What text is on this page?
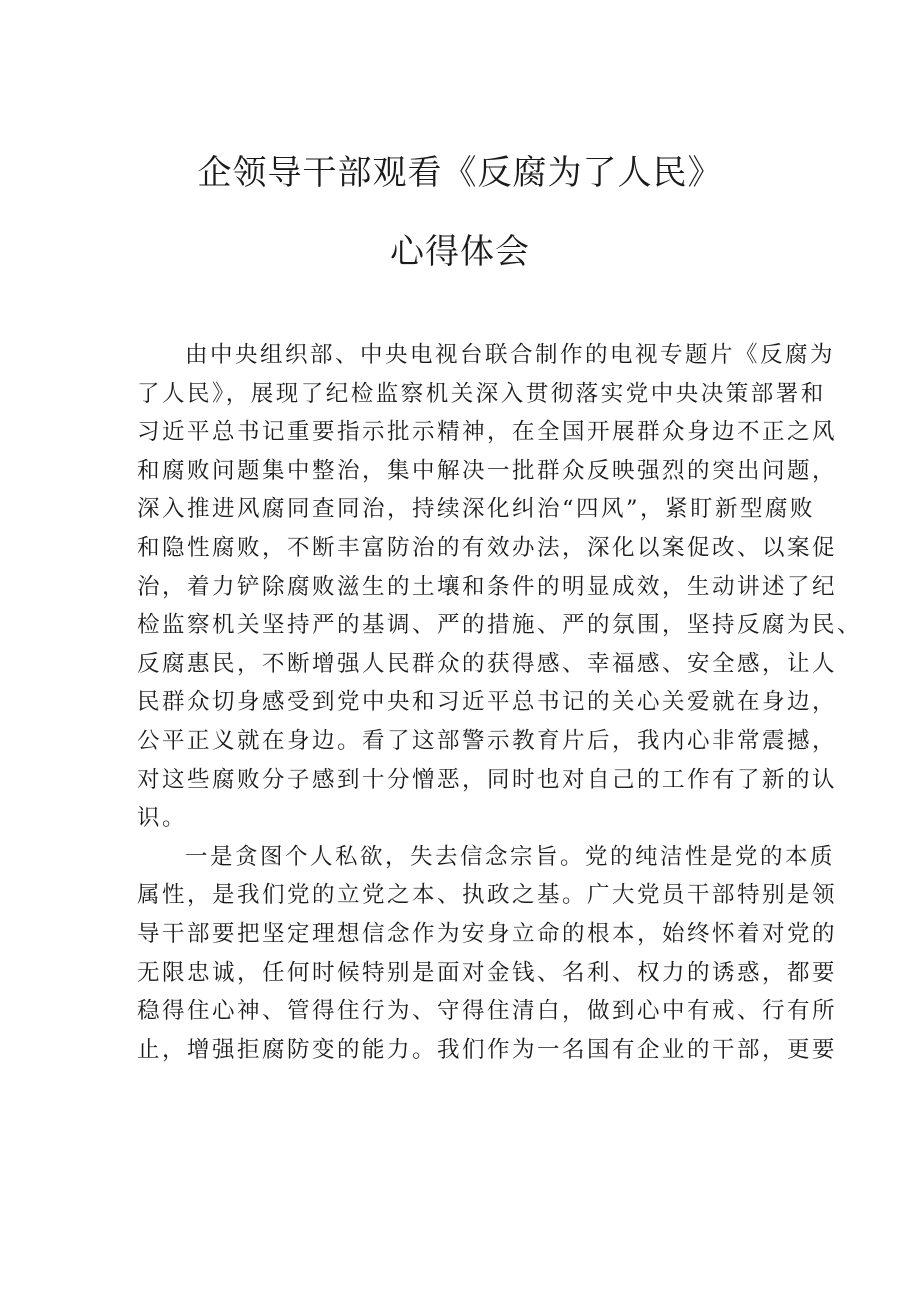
企领导干部观看《反腐为了人民》
心得体会
由中央组织部、中央电视台联合制作的电视专题片《反腐为
了人民》，展现了纪检监察机关深入贯彻落实党中央决策部署和
习近平总书记重要指示批示精神，在全国开展群众身边不正之风
和腐败问题集中整治，集中解决一批群众反映强烈的突出问题，
深入推进风腐同查同治，持续深化纠治“四风”，紧盯新型腐败
和隐性腐败，不断丰富防治的有效办法，深化以案促改、以案促
治，着力铲除腐败滋生的土壤和条件的明显成效，生动讲述了纪
检监察机关坚持严的基调、严的措施、严的氛围，坚持反腐为民、
反腐惠民，不断增强人民群众的获得感、幸福感、安全感，让人
民群众切身感受到党中央和习近平总书记的关心关爱就在身边，
公平正义就在身边。看了这部警示教育片后，我内心非常震撼，
对这些腐败分子感到十分憎恶，同时也对自己的工作有了新的认
识。
一是贪图个人私欲，失去信念宗旨。党的纯洁性是党的本质
属性，是我们党的立党之本、执政之基。广大党员干部特别是领
导干部要把坚定理想信念作为安身立命的根本，始终怀着对党的
无限忠诚，任何时候特别是面对金钱、名利、权力的诱惑，都要
稳得住心神、管得住行为、守得住清白，做到心中有戒、行有所
止，增强拒腐防变的能力。我们作为一名国有企业的干部，更要
